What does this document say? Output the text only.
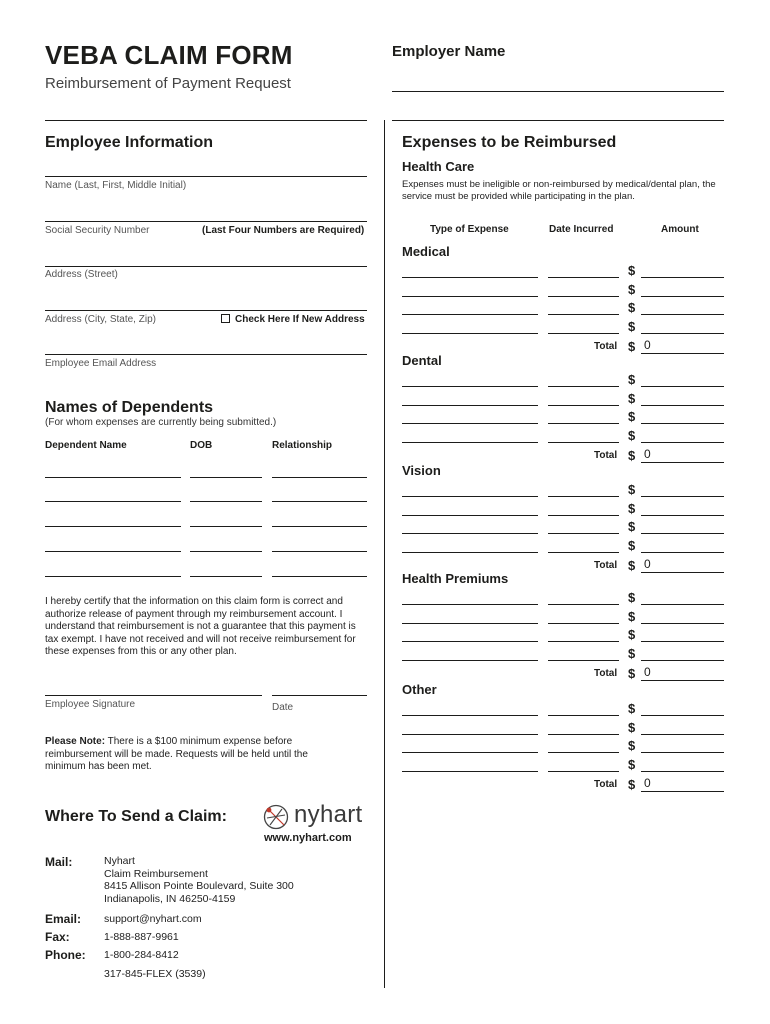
VEBA CLAIM FORM
Reimbursement of Payment Request
Employer Name
Employee Information
Name (Last, First, Middle Initial)
Social Security Number	(Last Four Numbers are Required)
Address (Street)
Address (City, State, Zip)	Check Here If New Address
Employee Email Address
Names of Dependents
(For whom expenses are currently being submitted.)
Dependent Name	DOB	Relationship
I hereby certify that the information on this claim form is correct and authorize release of payment through my reimbursement account. I understand that reimbursement is not a guarantee that this payment is tax exempt. I have not received and will not receive reimbursement for these expenses from this or any other plan.
Employee Signature	Date
Please Note: There is a $100 minimum expense before reimbursement will be made. Requests will be held until the minimum has been met.
Where To Send a Claim:	nyhart
www.nyhart.com
Mail:	Nyhart
Claim Reimbursement
8415 Allison Pointe Boulevard, Suite 300
Indianapolis, IN 46250-4159
Email: support@nyhart.com
Fax:	1-888-887-9961
Phone: 1-800-284-8412
317-845-FLEX (3539)
Expenses to be Reimbursed
Health Care
Expenses must be ineligible or non-reimbursed by medical/dental plan, the service must be provided while participating in the plan.
Type of Expense	Date Incurred	Amount
Medical
$
$
$
$
Total $ 0
Dental
$
$
$
$
Total $ 0
Vision
$
$
$
$
Total $ 0
Health Premiums
$
$
$
$
Total $ 0
Other
$
$
$
$
Total $ 0
